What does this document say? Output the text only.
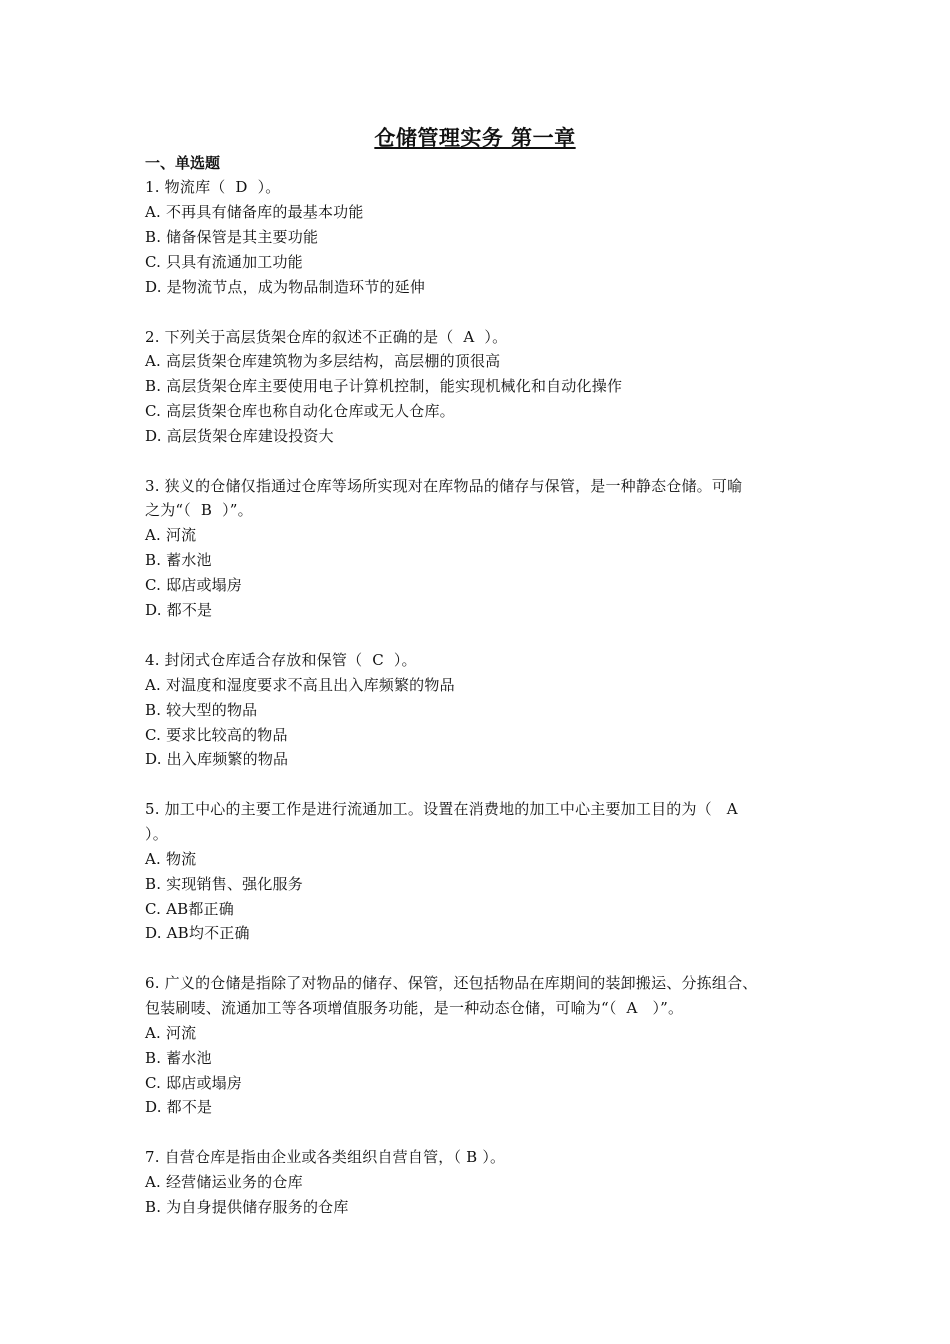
仓储管理实务 第一章
一、单选题
1. 物流库（  D  ）。
A. 不再具有储备库的最基本功能
B. 储备保管是其主要功能
C. 只具有流通加工功能
D. 是物流节点，成为物品制造环节的延伸
2. 下列关于高层货架仓库的叙述不正确的是（  A  ）。
A. 高层货架仓库建筑物为多层结构，高层棚的顶很高
B. 高层货架仓库主要使用电子计算机控制，能实现机械化和自动化操作
C. 高层货架仓库也称自动化仓库或无人仓库。
D. 高层货架仓库建设投资大
3. 狭义的仓储仅指通过仓库等场所实现对在库物品的储存与保管，是一种静态仓储。可喻
之为“（  B  ）”。
A. 河流
B. 蓄水池
C. 邸店或塌房
D. 都不是
4. 封闭式仓库适合存放和保管（  C  ）。
A. 对温度和湿度要求不高且出入库频繁的物品
B. 较大型的物品
C. 要求比较高的物品
D. 出入库频繁的物品
5. 加工中心的主要工作是进行流通加工。设置在消费地的加工中心主要加工目的为（   A
）。
A. 物流
B. 实现销售、强化服务
C. AB都正确
D. AB均不正确
6. 广义的仓储是指除了对物品的储存、保管，还包括物品在库期间的装卸搬运、分拣组合、
包装刷唛、流通加工等各项增值服务功能，是一种动态仓储，可喻为“（  A   ）”。
A. 河流
B. 蓄水池
C. 邸店或塌房
D. 都不是
7. 自营仓库是指由企业或各类组织自营自管，（ B ）。
A. 经营储运业务的仓库
B. 为自身提供储存服务的仓库
